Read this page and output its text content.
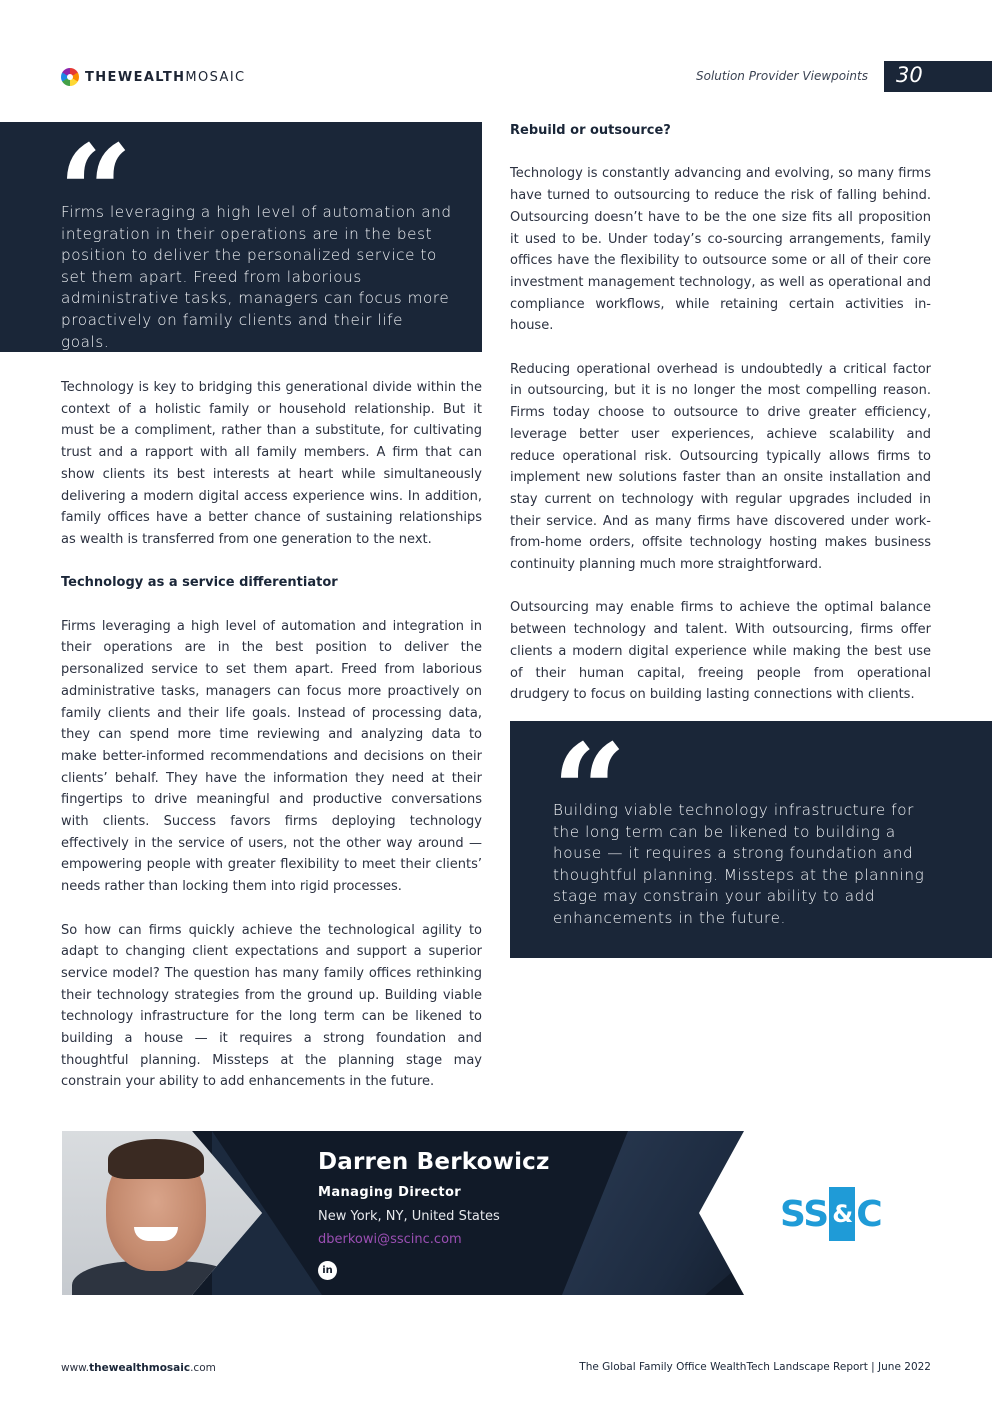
THEWEALTHMOSAIC	Solution Provider Viewpoints 30
“
Firms leveraging a high level of automation and integration in their operations are in the best position to deliver the personalized service to set them apart. Freed from laborious administrative tasks, managers can focus more proactively on family clients and their life goals.

Technology is key to bridging this generational divide within the context of a holistic family or household relationship. But it must be a compliment, rather than a substitute, for cultivating trust and a rapport with all family members. A firm that can show clients its best interests at heart while simultaneously delivering a modern digital access experience wins. In addition, family offices have a better chance of sustaining relationships as wealth is transferred from one generation to the next.

Technology as a service differentiator

Firms leveraging a high level of automation and integration in their operations are in the best position to deliver the personalized service to set them apart. Freed from laborious administrative tasks, managers can focus more proactively on family clients and their life goals. Instead of processing data, they can spend more time reviewing and analyzing data to make better-informed recommendations and decisions on their clients’ behalf. They have the information they need at their fingertips to drive meaningful and productive conversations with clients. Success favors firms deploying technology effectively in the service of users, not the other way around — empowering people with greater flexibility to meet their clients’ needs rather than locking them into rigid processes.

So how can firms quickly achieve the technological agility to adapt to changing client expectations and support a superior service model? The question has many family offices rethinking their technology strategies from the ground up. Building viable technology infrastructure for the long term can be likened to building a house — it requires a strong foundation and thoughtful planning. Missteps at the planning stage may constrain your ability to add enhancements in the future.

Rebuild or outsource?

Technology is constantly advancing and evolving, so many firms have turned to outsourcing to reduce the risk of falling behind. Outsourcing doesn’t have to be the one size fits all proposition it used to be. Under today’s co-sourcing arrangements, family offices have the flexibility to outsource some or all of their core investment management technology, as well as operational and compliance workflows, while retaining certain activities in-house.

Reducing operational overhead is undoubtedly a critical factor in outsourcing, but it is no longer the most compelling reason. Firms today choose to outsource to drive greater efficiency, leverage better user experiences, achieve scalability and reduce operational risk. Outsourcing typically allows firms to implement new solutions faster than an onsite installation and stay current on technology with regular upgrades included in their service. And as many firms have discovered under work-from-home orders, offsite technology hosting makes business continuity planning much more straightforward.

Outsourcing may enable firms to achieve the optimal balance between technology and talent. With outsourcing, firms offer clients a modern digital experience while making the best use of their human capital, freeing people from operational drudgery to focus on building lasting connections with clients.

“
Building viable technology infrastructure for the long term can be likened to building a house — it requires a strong foundation and thoughtful planning. Missteps at the planning stage may constrain your ability to add enhancements in the future.
Darren Berkowicz
Managing Director
New York, NY, United States
dberkowi@sscinc.com
in
SS & C
www.thewealthmosaic.com	The Global Family Office WealthTech Landscape Report | June 2022
